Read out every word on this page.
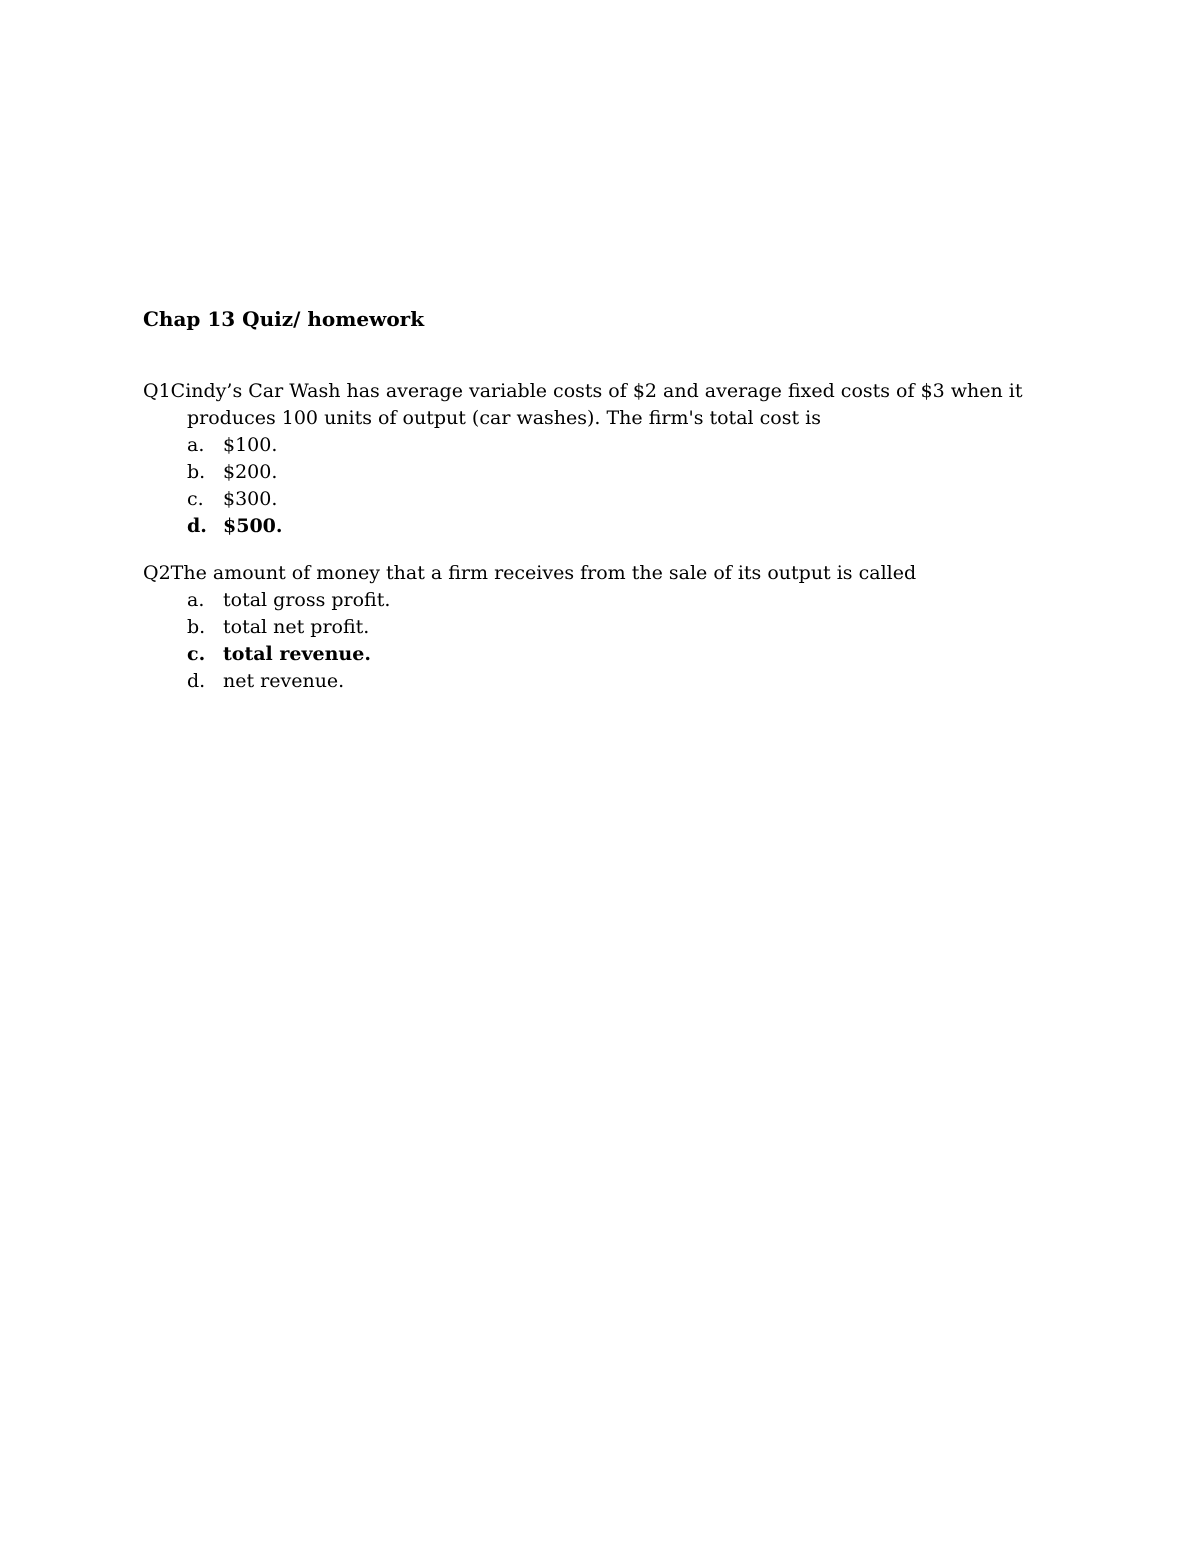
Chap 13 Quiz/ homework

Q1Cindy’s Car Wash has average variable costs of $2 and average fixed costs of $3 when it produces 100 units of output (car washes). The firm's total cost is

a. $100.
b. $200.
c.	$300.
d. $500.

Q2The amount of money that a firm receives from the sale of its output is called

a. total gross profit.
b. total net profit.
c. total revenue.
d. net revenue.
